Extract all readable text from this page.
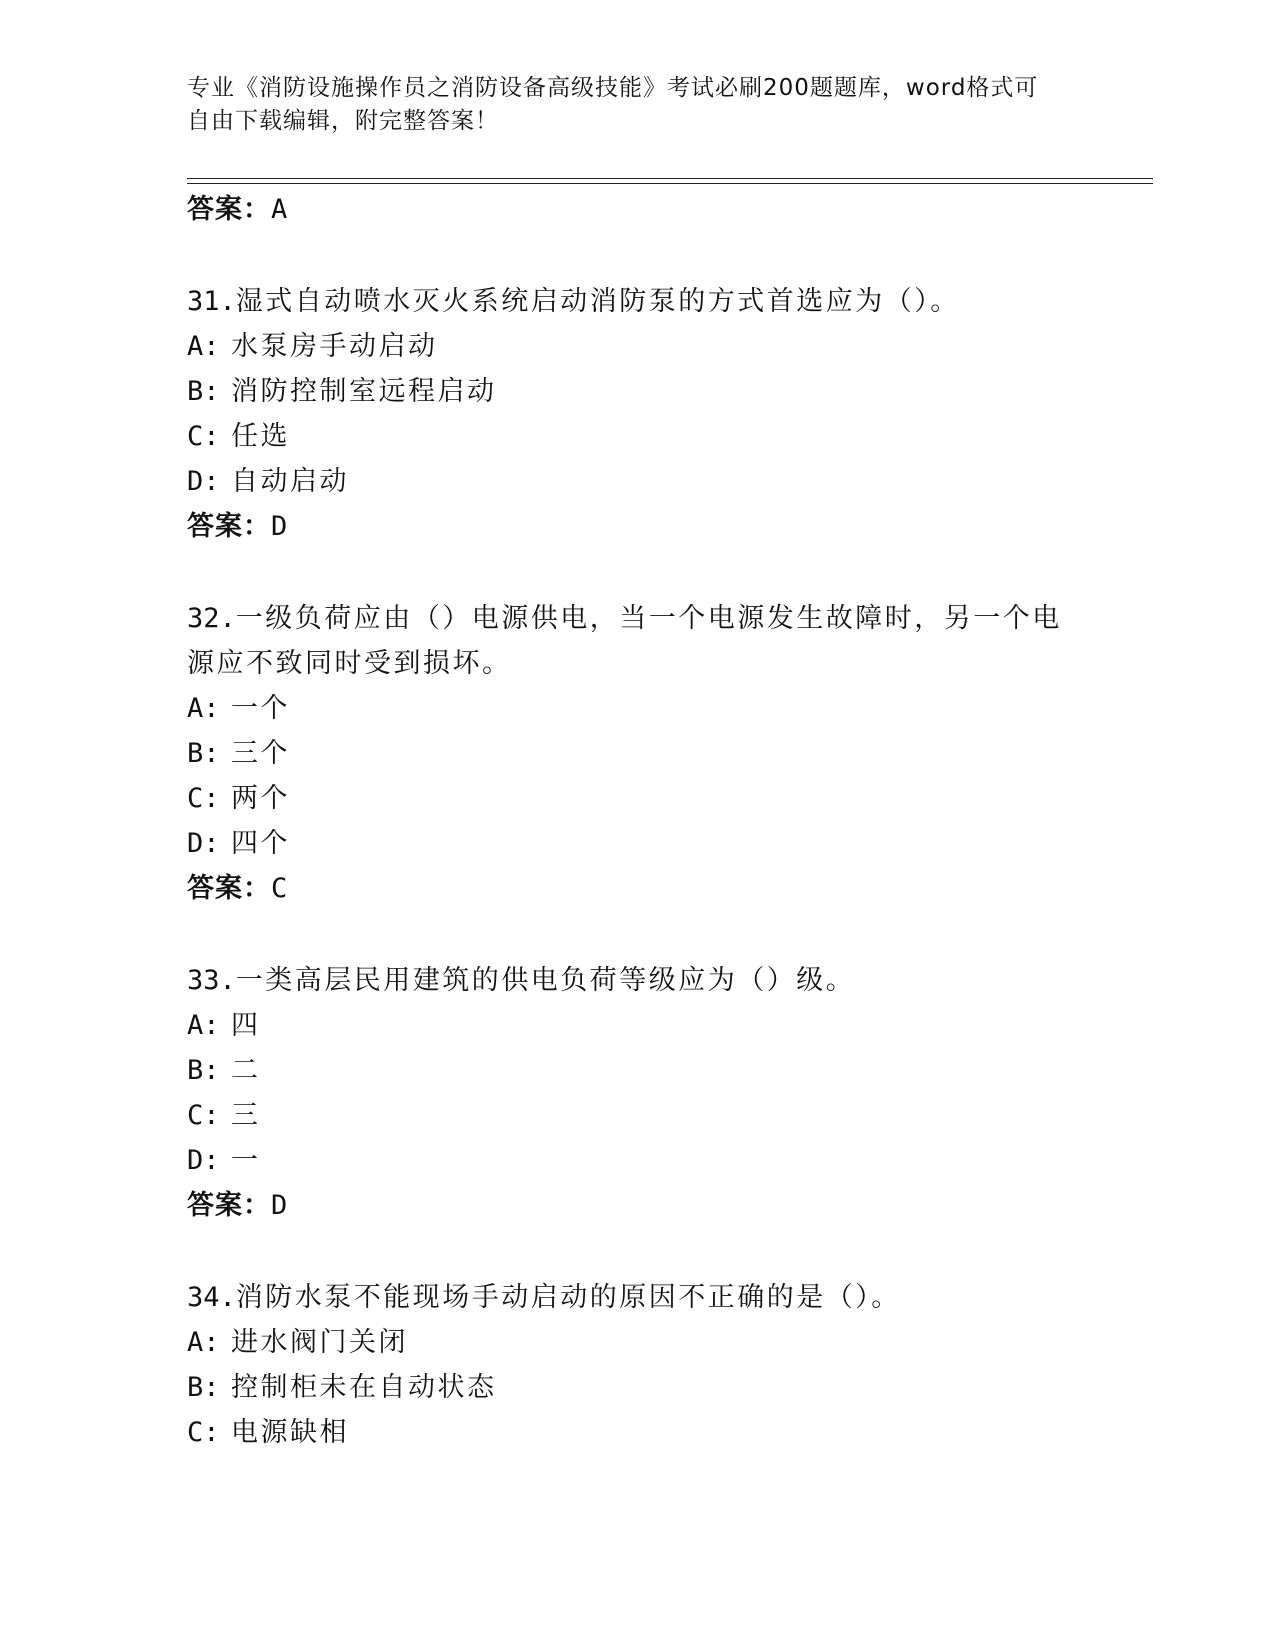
专业《消防设施操作员之消防设备高级技能》考试必刷200题题库，word格式可
自由下载编辑，附完整答案！
答案：A
31.湿式自动喷水灭火系统启动消防泵的方式首选应为（）。
A: 水泵房手动启动
B: 消防控制室远程启动
C: 任选
D: 自动启动
答案：D
32.一级负荷应由（）电源供电，当一个电源发生故障时，另一个电源应不致同时受到损坏。
A: 一个
B: 三个
C: 两个
D: 四个
答案：C
33.一类高层民用建筑的供电负荷等级应为（）级。
A: 四
B: 二
C: 三
D: 一
答案：D
34.消防水泵不能现场手动启动的原因不正确的是（）。
A: 进水阀门关闭
B: 控制柜未在自动状态
C: 电源缺相
